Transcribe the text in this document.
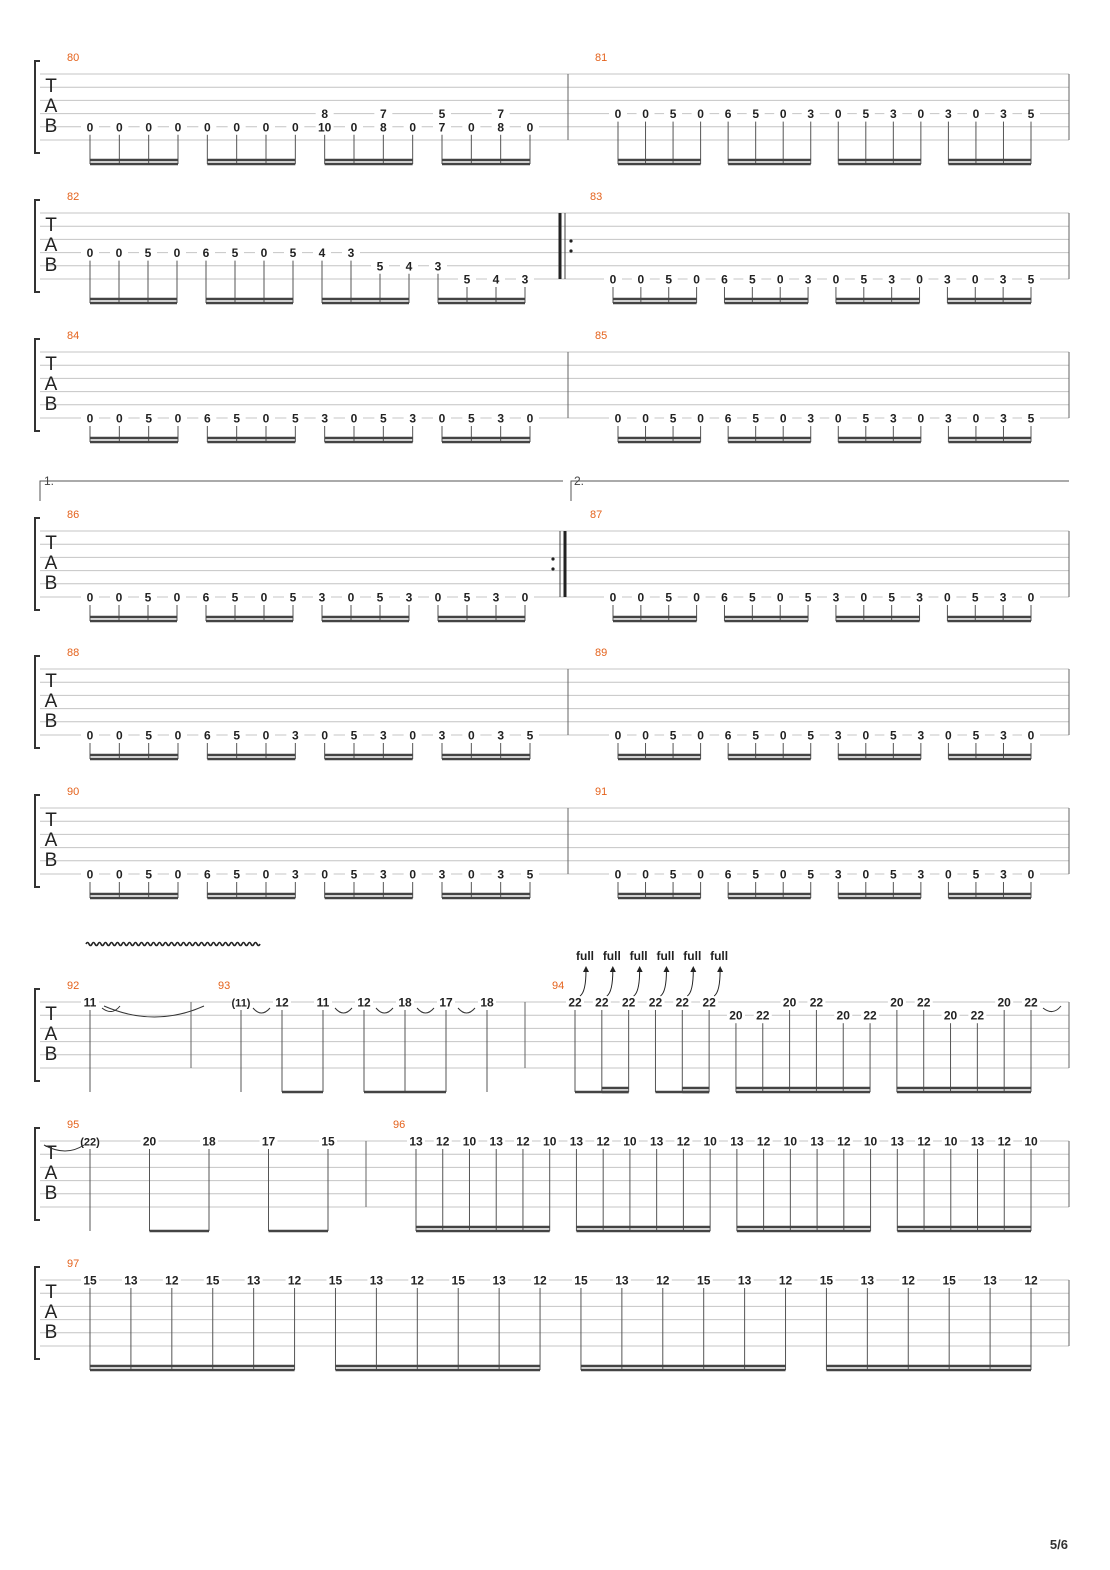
T
A
B
80
0 0 0 0 0 0 0 0
8
10 0
7
8 0
5
7 0
7
8 0
81
0 0 5 0 6 5 0 3 0 5 3 0 3 0 3 5
T
A
B
82
0 0 5 0 6 5 0 5 4 3
5 4 3
5 4 3
83
0 0 5 0 6 5 0 3 0 5 3 0 3 0 3 5
T
A
B
84
0 0 5 0 6 5 0 5 3 0 5 3 0 5 3 0
85
0 0 5 0 6 5 0 3 0 5 3 0 3 0 3 5
T
A
B
1.	2.
86
0 0 5 0 6 5 0 5 3 0 5 3 0 5 3 0
87
0 0 5 0 6 5 0 5 3 0 5 3 0 5 3 0
T
A
B
88
0 0 5 0 6 5 0 3 0 5 3 0 3 0 3 5
89
0 0 5 0 6 5 0 5 3 0 5 3 0 5 3 0
T
A
B
90
0 0 5 0 6 5 0 3 0 5 3 0 3 0 3 5
91
0 0 5 0 6 5 0 5 3 0 5 3 0 5 3 0
T
A
B
92
11
93
(11) 12 11 12 18 17 18
94
22
full
22
full
22
full
22
full
22
full
22
full
20 22
20 22
20 22
20 22
20 22
20 22
T
A
B
95
(22)	20	18	17	15
96
13 12 10 13 12 10 13 12 10 13 12 10 13 12 10 13 12 10 13 12 10 13 12 10
T
A
B
97
15 13 12 15 13 12 15 13 12 15 13 12 15 13 12 15 13 12 15 13 12 15 13 12
5/6
